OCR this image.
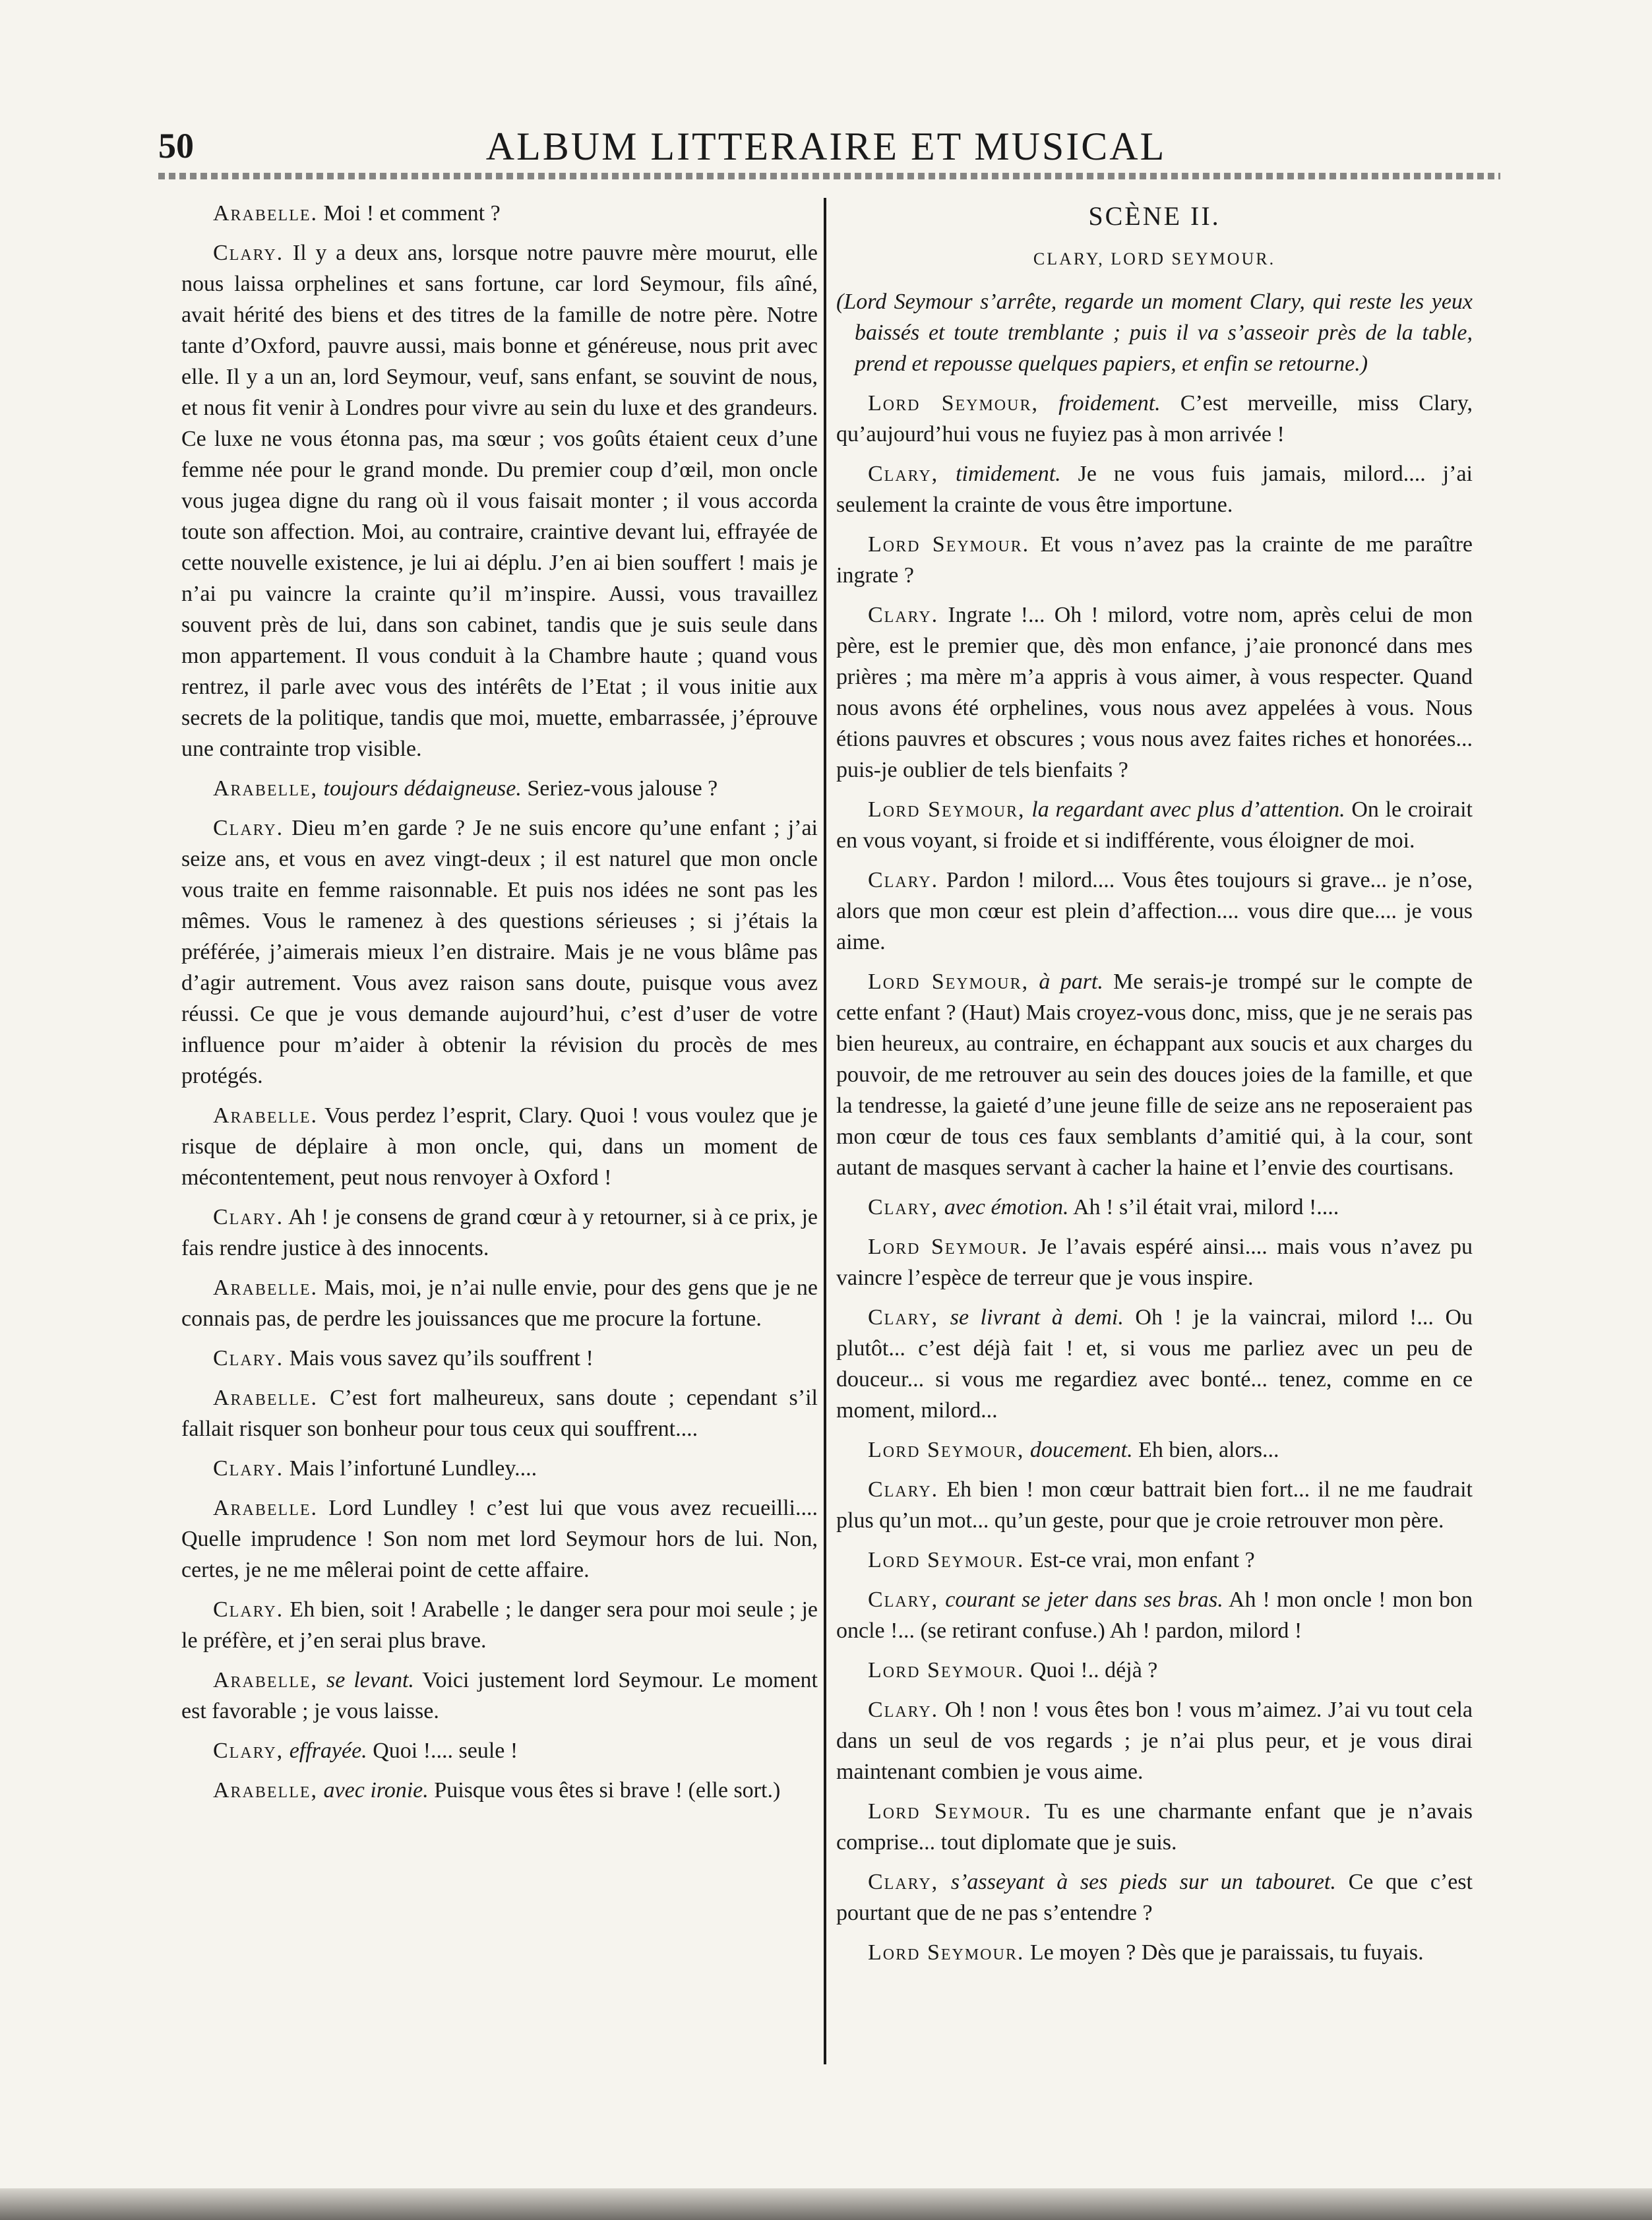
50	ALBUM LITTERAIRE ET MUSICAL

Arabelle. Moi ! et comment ?

Clary. Il y a deux ans, lorsque notre pauvre mère mourut, elle nous laissa orphelines et sans fortune, car lord Seymour, fils aîné, avait hérité des biens et des titres de la famille de notre père. Notre tante d’Oxford, pauvre aussi, mais bonne et généreuse, nous prit avec elle. Il y a un an, lord Seymour, veuf, sans enfant, se souvint de nous, et nous fit venir à Londres pour vivre au sein du luxe et des grandeurs. Ce luxe ne vous étonna pas, ma sœur ; vos goûts étaient ceux d’une femme née pour le grand monde. Du premier coup d’œil, mon oncle vous jugea digne du rang où il vous faisait monter ; il vous accorda toute son affection. Moi, au contraire, craintive devant lui, effrayée de cette nouvelle existence, je lui ai déplu. J’en ai bien souffert ! mais je n’ai pu vaincre la crainte qu’il m’inspire. Aussi, vous travaillez souvent près de lui, dans son cabinet, tandis que je suis seule dans mon appartement. Il vous conduit à la Chambre haute ; quand vous rentrez, il parle avec vous des intérêts de l’Etat ; il vous initie aux secrets de la politique, tandis que moi, muette, embarrassée, j’éprouve une contrainte trop visible.

Arabelle, toujours dédaigneuse. Seriez-vous jalouse ?

Clary. Dieu m’en garde ? Je ne suis encore qu’une enfant ; j’ai seize ans, et vous en avez vingt-deux ; il est naturel que mon oncle vous traite en femme raisonnable. Et puis nos idées ne sont pas les mêmes. Vous le ramenez à des questions sérieuses ; si j’étais la préférée, j’aimerais mieux l’en distraire. Mais je ne vous blâme pas d’agir autrement. Vous avez raison sans doute, puisque vous avez réussi. Ce que je vous demande aujourd’hui, c’est d’user de votre influence pour m’aider à obtenir la révision du procès de mes protégés.

Arabelle. Vous perdez l’esprit, Clary. Quoi ! vous voulez que je risque de déplaire à mon oncle, qui, dans un moment de mécontentement, peut nous renvoyer à Oxford !

Clary. Ah ! je consens de grand cœur à y retourner, si à ce prix, je fais rendre justice à des innocents.

Arabelle. Mais, moi, je n’ai nulle envie, pour des gens que je ne connais pas, de perdre les jouissances que me procure la fortune.

Clary. Mais vous savez qu’ils souffrent !

Arabelle. C’est fort malheureux, sans doute ; cependant s’il fallait risquer son bonheur pour tous ceux qui souffrent....

Clary. Mais l’infortuné Lundley....

Arabelle. Lord Lundley ! c’est lui que vous avez recueilli.... Quelle imprudence ! Son nom met lord Seymour hors de lui. Non, certes, je ne me mêlerai point de cette affaire.

Clary. Eh bien, soit ! Arabelle ; le danger sera pour moi seule ; je le préfère, et j’en serai plus brave.

Arabelle, se levant. Voici justement lord Seymour. Le moment est favorable ; je vous laisse.

Clary, effrayée. Quoi !.... seule !

Arabelle, avec ironie. Puisque vous êtes si brave ! (elle sort.)

SCÈNE II.
CLARY, LORD SEYMOUR.

(Lord Seymour s’arrête, regarde un moment Clary, qui reste les yeux baissés et toute tremblante ; puis il va s’asseoir près de la table, prend et repousse quelques papiers, et enfin se retourne.)

Lord Seymour, froidement. C’est merveille, miss Clary, qu’aujourd’hui vous ne fuyiez pas à mon arrivée !

Clary, timidement. Je ne vous fuis jamais, milord.... j’ai seulement la crainte de vous être importune.

Lord Seymour. Et vous n’avez pas la crainte de me paraître ingrate ?

Clary. Ingrate !... Oh ! milord, votre nom, après celui de mon père, est le premier que, dès mon enfance, j’aie prononcé dans mes prières ; ma mère m’a appris à vous aimer, à vous respecter. Quand nous avons été orphelines, vous nous avez appelées à vous. Nous étions pauvres et obscures ; vous nous avez faites riches et honorées... puis-je oublier de tels bienfaits ?

Lord Seymour, la regardant avec plus d’attention. On le croirait en vous voyant, si froide et si indifférente, vous éloigner de moi.

Clary. Pardon ! milord.... Vous êtes toujours si grave... je n’ose, alors que mon cœur est plein d’affection.... vous dire que.... je vous aime.

Lord Seymour, à part. Me serais-je trompé sur le compte de cette enfant ? (Haut) Mais croyez-vous donc, miss, que je ne serais pas bien heureux, au contraire, en échappant aux soucis et aux charges du pouvoir, de me retrouver au sein des douces joies de la famille, et que la tendresse, la gaieté d’une jeune fille de seize ans ne reposeraient pas mon cœur de tous ces faux semblants d’amitié qui, à la cour, sont autant de masques servant à cacher la haine et l’envie des courtisans.

Clary, avec émotion. Ah ! s’il était vrai, milord !....

Lord Seymour. Je l’avais espéré ainsi.... mais vous n’avez pu vaincre l’espèce de terreur que je vous inspire.

Clary, se livrant à demi. Oh ! je la vaincrai, milord !... Ou plutôt... c’est déjà fait ! et, si vous me parliez avec un peu de douceur... si vous me regardiez avec bonté... tenez, comme en ce moment, milord...

Lord Seymour, doucement. Eh bien, alors...

Clary. Eh bien ! mon cœur battrait bien fort... il ne me faudrait plus qu’un mot... qu’un geste, pour que je croie retrouver mon père.

Lord Seymour. Est-ce vrai, mon enfant ?

Clary, courant se jeter dans ses bras. Ah ! mon oncle ! mon bon oncle !... (se retirant confuse.) Ah ! pardon, milord !

Lord Seymour. Quoi !.. déjà ?

Clary. Oh ! non ! vous êtes bon ! vous m’aimez. J’ai vu tout cela dans un seul de vos regards ; je n’ai plus peur, et je vous dirai maintenant combien je vous aime.

Lord Seymour. Tu es une charmante enfant que je n’avais comprise... tout diplomate que je suis.

Clary, s’asseyant à ses pieds sur un tabouret. Ce que c’est pourtant que de ne pas s’entendre ?

Lord Seymour. Le moyen ? Dès que je paraissais, tu fuyais.
